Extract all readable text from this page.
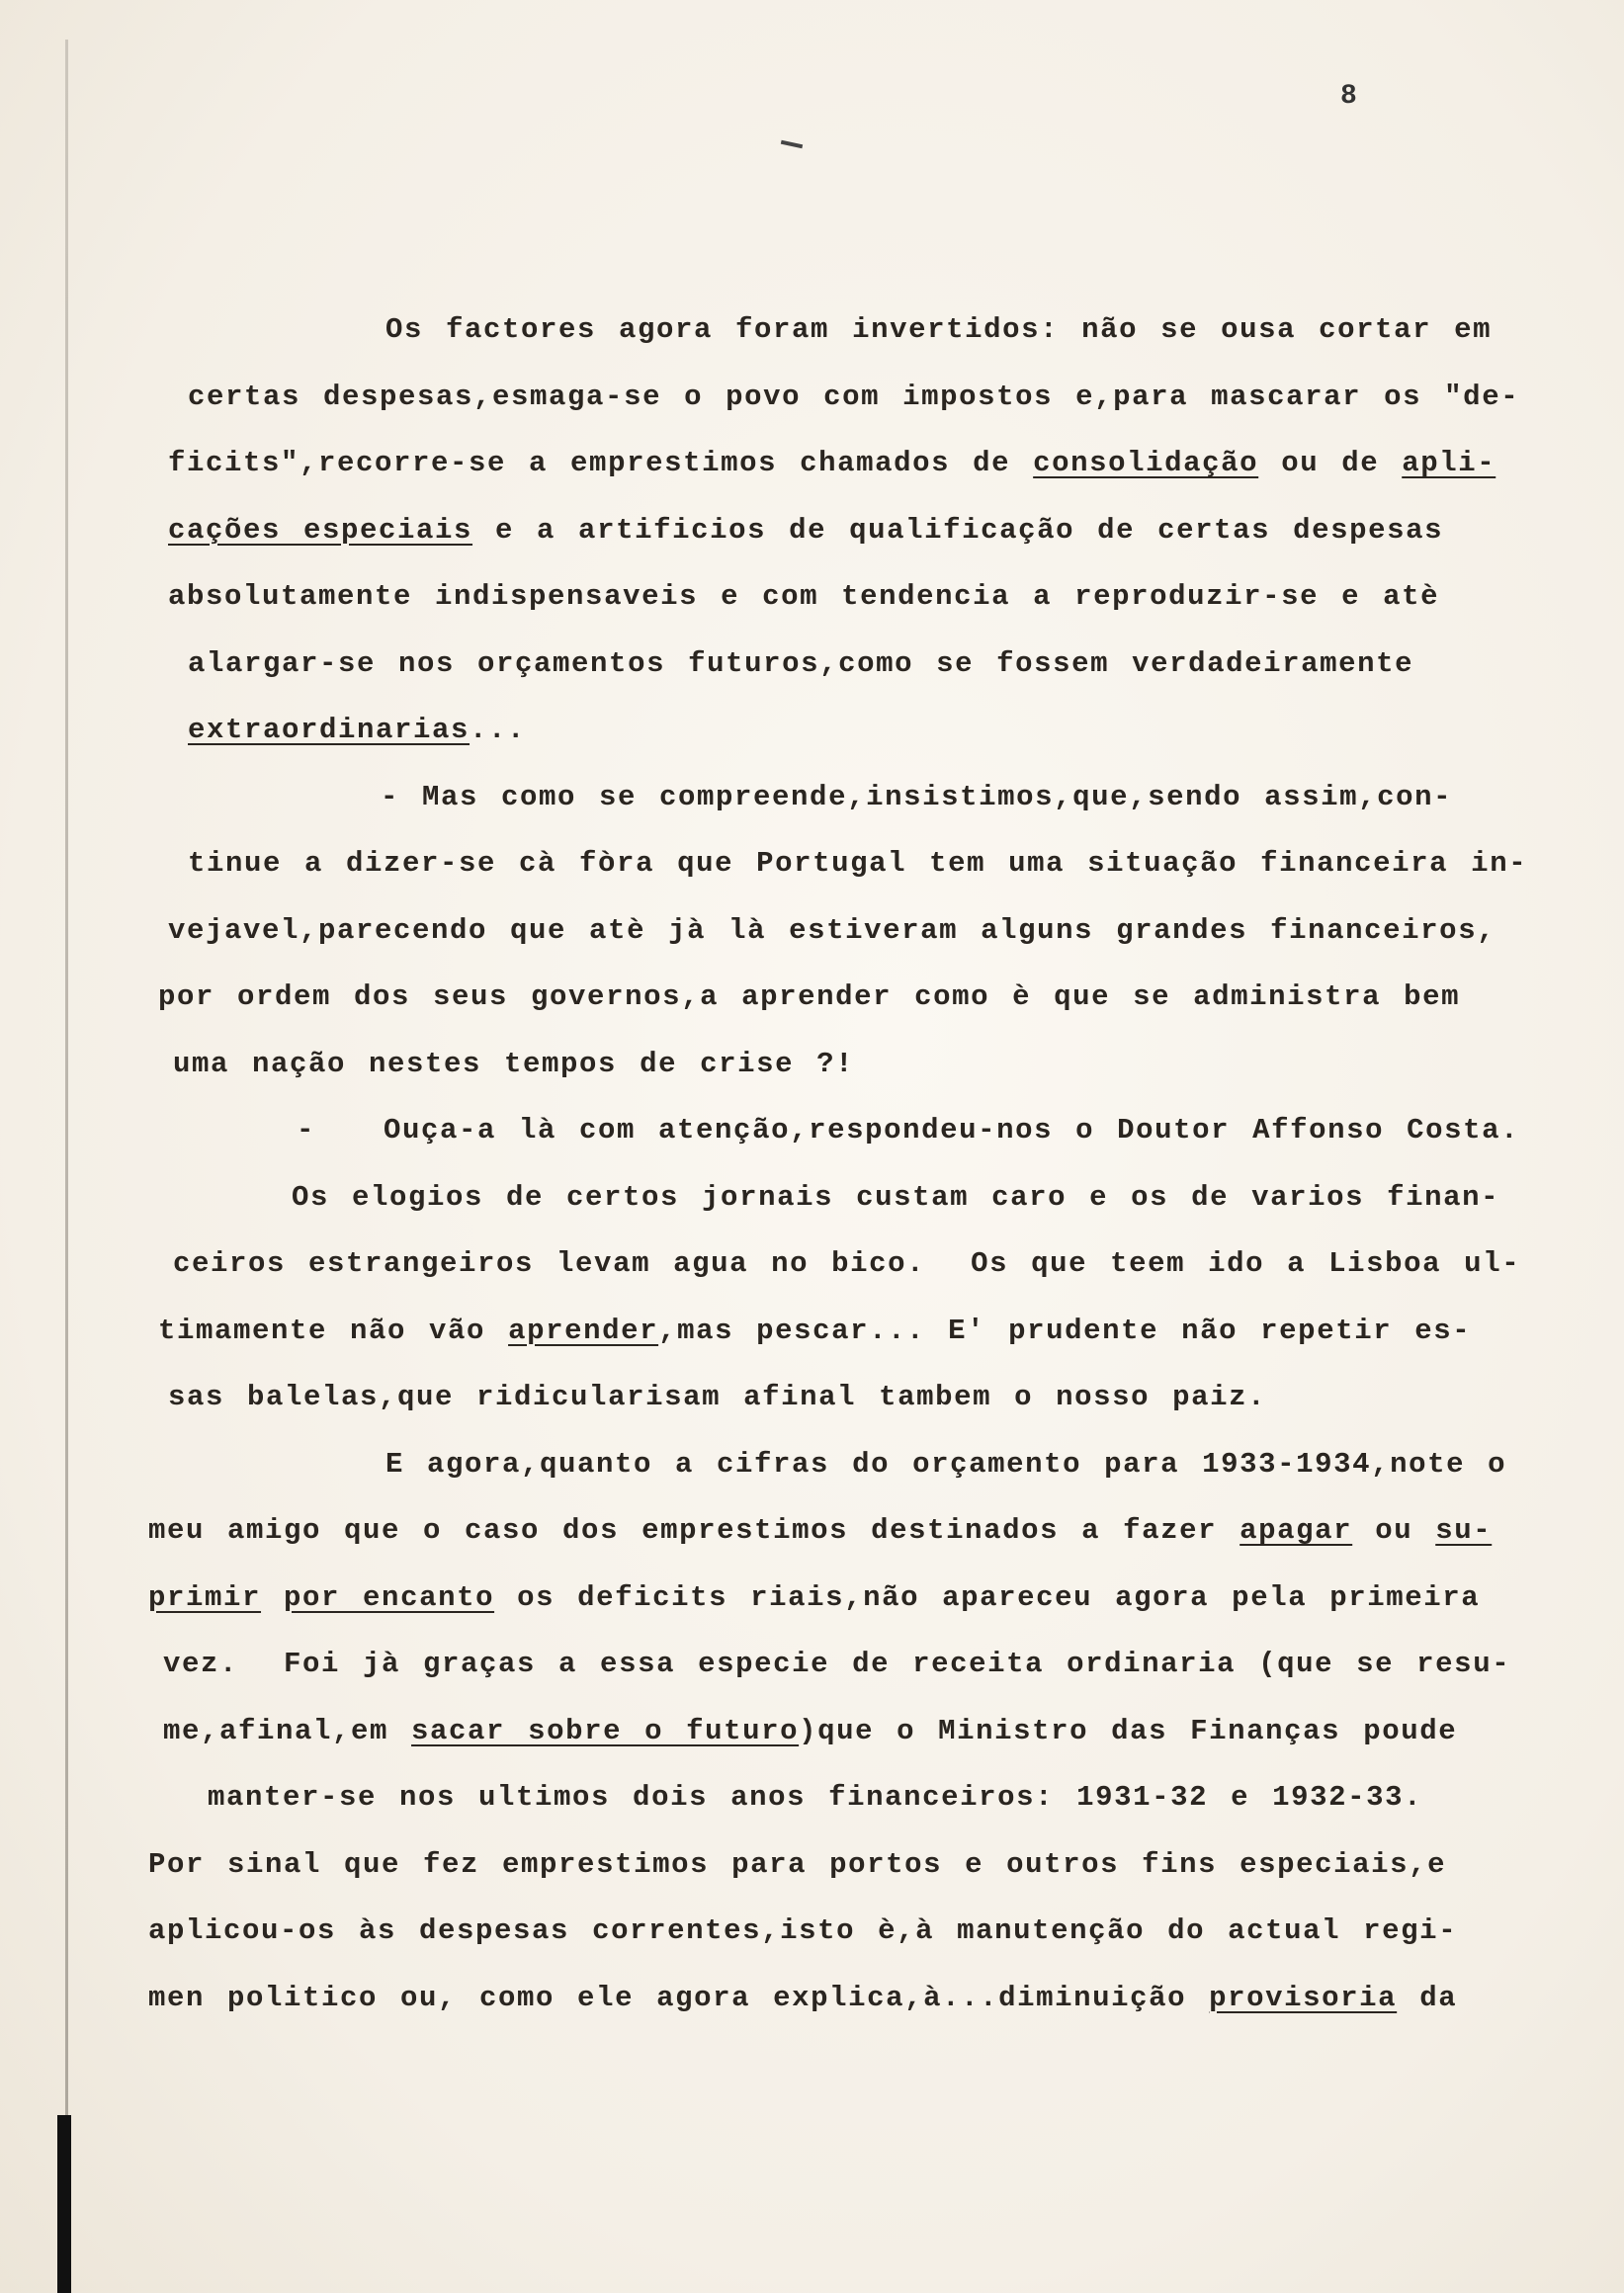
8
Os factores agora foram invertidos: não se ousa cortar em
certas despesas,esmaga-se o povo com impostos e,para mascarar os "de-
ficits",recorre-se a emprestimos chamados de consolidação ou de apli-
cações especiais e a artificios de qualificação de certas despesas
absolutamente indispensaveis e com tendencia a reproduzir-se e atè
alargar-se nos orçamentos futuros,como se fossem verdadeiramente
extraordinarias...
- Mas como se compreende,insistimos,que,sendo assim,con-
tinue a dizer-se cà fòra que Portugal tem uma situação financeira in-
vejavel,parecendo que atè jà là estiveram alguns grandes financeiros,
por ordem dos seus governos,a aprender como è que se administra bem
uma nação nestes tempos de crise ?!
-   Ouça-a là com atenção,respondeu-nos o Doutor Affonso Costa.
Os elogios de certos jornais custam caro e os de varios finan-
ceiros estrangeiros levam agua no bico.  Os que teem ido a Lisboa ul-
timamente não vão aprender,mas pescar... E' prudente não repetir es-
sas balelas,que ridicularisam afinal tambem o nosso paiz.
E agora,quanto a cifras do orçamento para 1933-1934,note o
meu amigo que o caso dos emprestimos destinados a fazer apagar ou su-
primir por encanto os deficits riais,não apareceu agora pela primeira
vez.  Foi jà graças a essa especie de receita ordinaria (que se resu-
me,afinal,em sacar sobre o futuro)que o Ministro das Finanças poude
manter-se nos ultimos dois anos financeiros: 1931-32 e 1932-33.
Por sinal que fez emprestimos para portos e outros fins especiais,e
aplicou-os às despesas correntes,isto è,à manutenção do actual regi-
men politico ou, como ele agora explica,à...diminuição provisoria da
